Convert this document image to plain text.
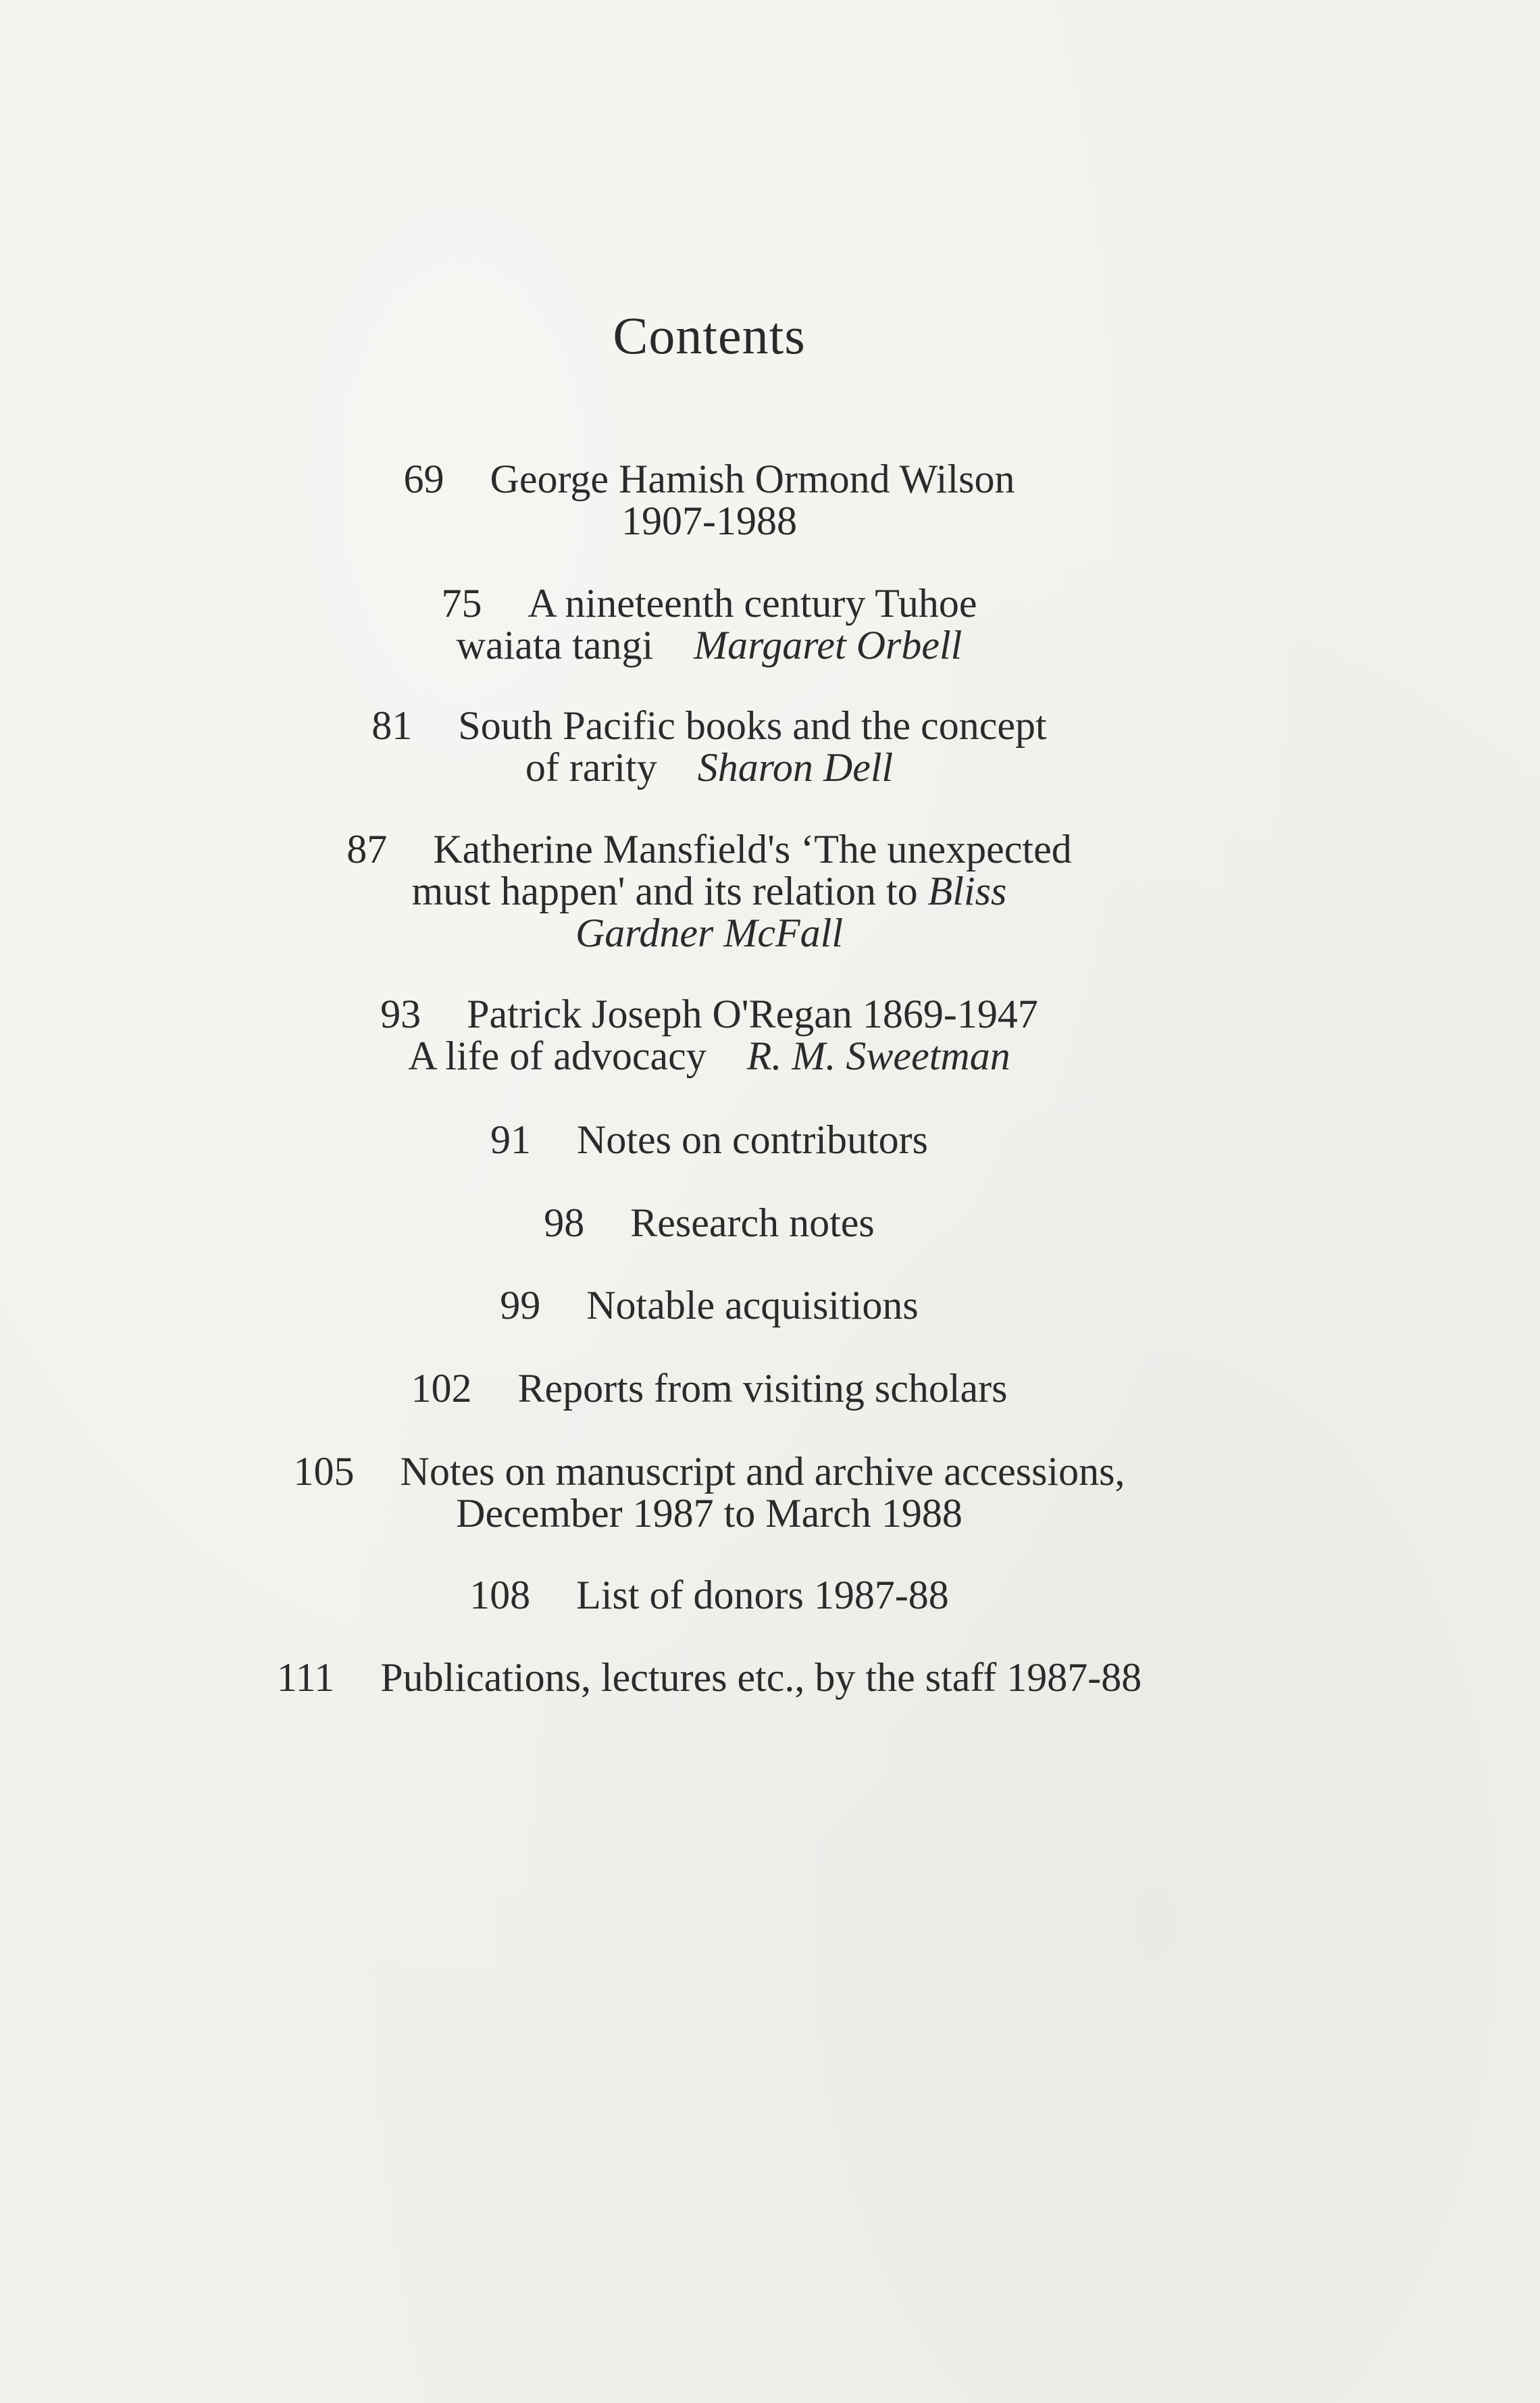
Contents
69 George Hamish Ormond Wilson
1907-1988
75 A nineteenth century Tuhoe
waiata tangi Margaret Orbell
81 South Pacific books and the concept
of rarity Sharon Dell
87 Katherine Mansfield's ‘The unexpected
must happen' and its relation to Bliss
Gardner McFall
93 Patrick Joseph O'Regan 1869-1947
A life of advocacy R. M. Sweetman
91 Notes on contributors
98 Research notes
99 Notable acquisitions
102 Reports from visiting scholars
105 Notes on manuscript and archive accessions,
December 1987 to March 1988
108 List of donors 1987-88
111 Publications, lectures etc., by the staff 1987-88
